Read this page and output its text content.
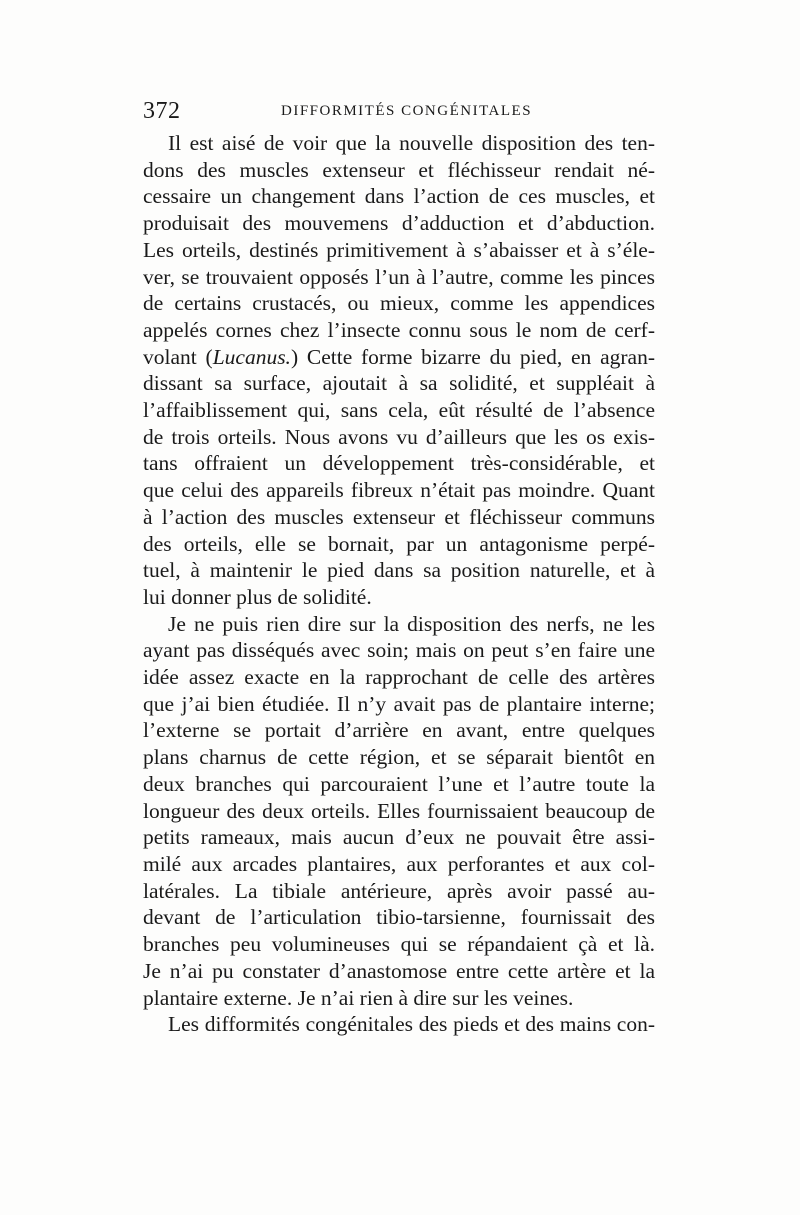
372	DIFFORMITÉS CONGÉNITALES

Il est aisé de voir que la nouvelle disposition des ten-
dons des muscles extenseur et fléchisseur rendait né-
cessaire un changement dans l’action de ces muscles, et
produisait des mouvemens d’adduction et d’abduction.
Les orteils, destinés primitivement à s’abaisser et à s’éle-
ver, se trouvaient opposés l’un à l’autre, comme les pinces
de certains crustacés, ou mieux, comme les appendices
appelés cornes chez l’insecte connu sous le nom de cerf-
volant (Lucanus.) Cette forme bizarre du pied, en agran-
dissant sa surface, ajoutait à sa solidité, et suppléait à
l’affaiblissement qui, sans cela, eût résulté de l’absence
de trois orteils. Nous avons vu d’ailleurs que les os exis-
tans offraient un développement très-considérable, et
que celui des appareils fibreux n’était pas moindre. Quant
à l’action des muscles extenseur et fléchisseur communs
des orteils, elle se bornait, par un antagonisme perpé-
tuel, à maintenir le pied dans sa position naturelle, et à
lui donner plus de solidité.

Je ne puis rien dire sur la disposition des nerfs, ne les
ayant pas disséqués avec soin; mais on peut s’en faire une
idée assez exacte en la rapprochant de celle des artères
que j’ai bien étudiée. Il n’y avait pas de plantaire interne;
l’externe se portait d’arrière en avant, entre quelques
plans charnus de cette région, et se séparait bientôt en
deux branches qui parcouraient l’une et l’autre toute la
longueur des deux orteils. Elles fournissaient beaucoup de
petits rameaux, mais aucun d’eux ne pouvait être assi-
milé aux arcades plantaires, aux perforantes et aux col-
latérales. La tibiale antérieure, après avoir passé au-
devant de l’articulation tibio-tarsienne, fournissait des
branches peu volumineuses qui se répandaient çà et là.
Je n’ai pu constater d’anastomose entre cette artère et la
plantaire externe. Je n’ai rien à dire sur les veines.

Les difformités congénitales des pieds et des mains con-
